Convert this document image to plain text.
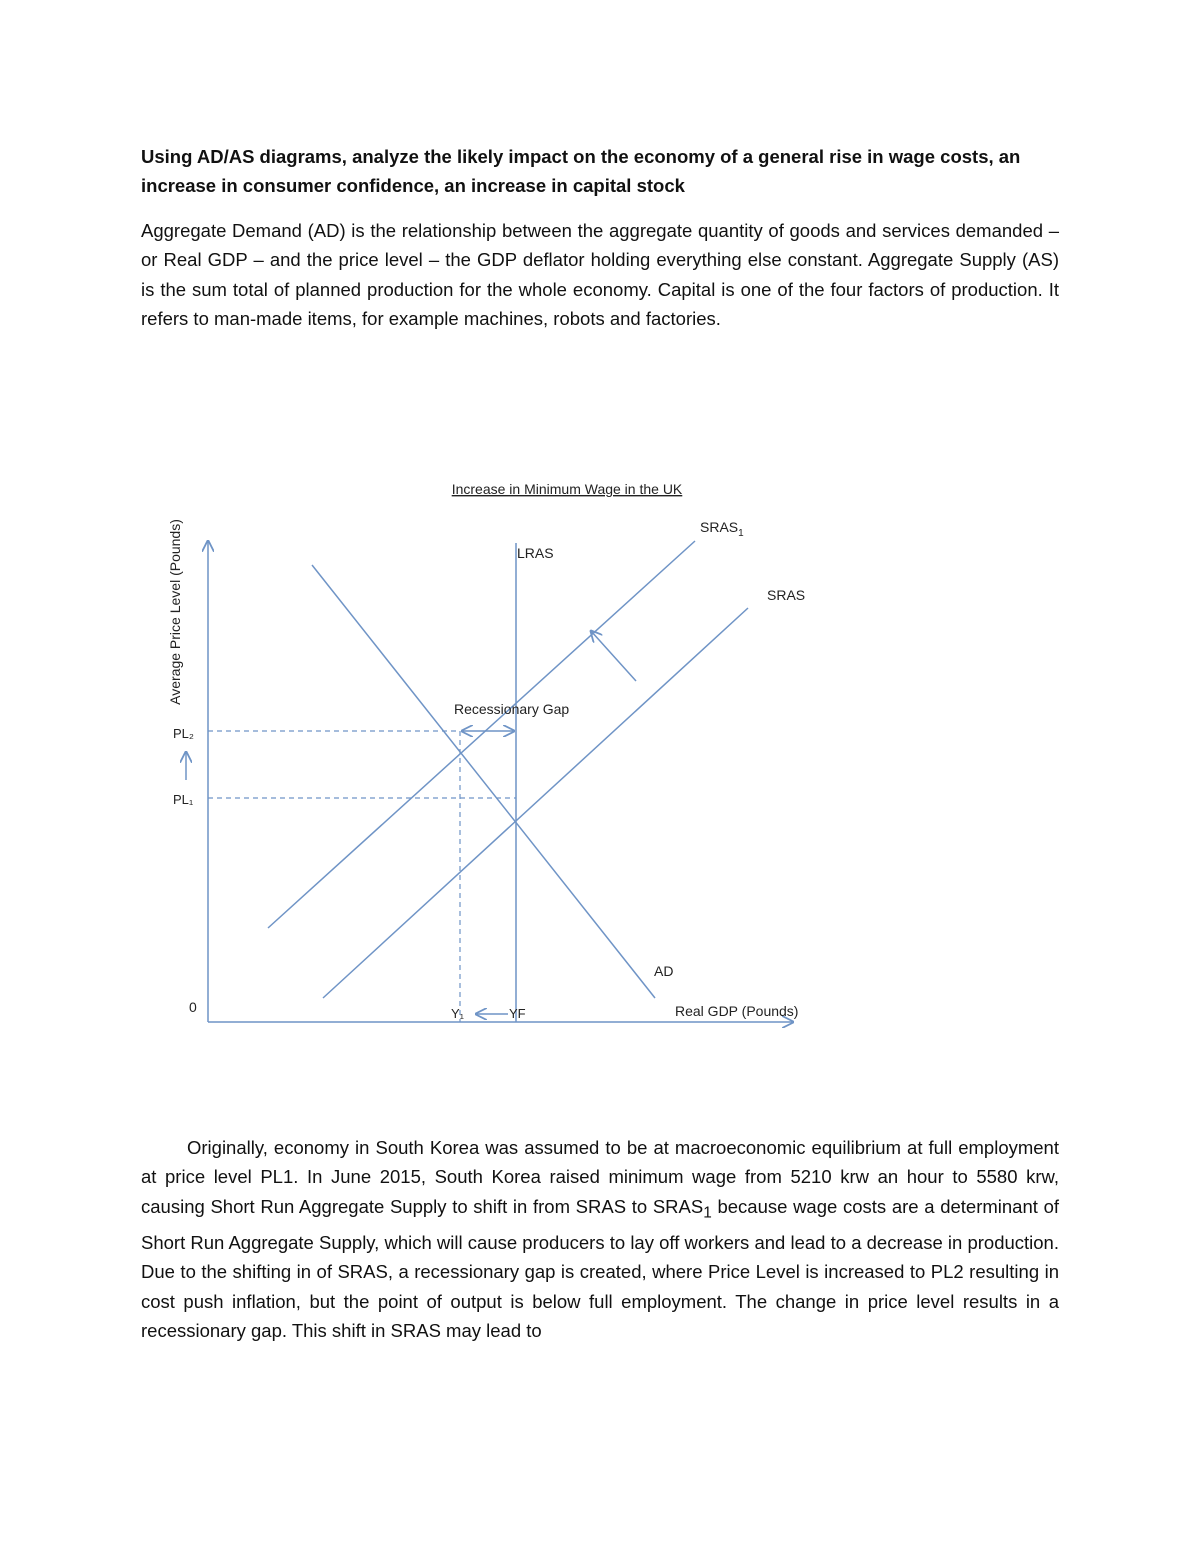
Using AD/AS diagrams, analyze the likely impact on the economy of a general rise in wage costs, an increase in consumer confidence, an increase in capital stock

Aggregate Demand (AD) is the relationship between the aggregate quantity of goods and services demanded – or Real GDP – and the price level – the GDP deflator holding everything else constant. Aggregate Supply (AS) is the sum total of planned production for the whole economy. Capital is one of the four factors of production. It refers to man-made items, for example machines, robots and factories.

Increase in Minimum Wage in the UK
Average Price Level (Pounds)
Real GDP (Pounds)
0
LRAS
$SRAS_1$
SRAS
AD
Recessionary Gap
PL₂
PL₁
Y₁	YF

Originally, economy in South Korea was assumed to be at macroeconomic equilibrium at full employment at price level PL1. In June 2015, South Korea raised minimum wage from 5210 krw an hour to 5580 krw, causing Short Run Aggregate Supply to shift in from SRAS to $SRAS_1$ because wage costs are a determinant of Short Run Aggregate Supply, which will cause producers to lay off workers and lead to a decrease in production. Due to the shifting in of SRAS, a recessionary gap is created, where Price Level is increased to PL2 resulting in cost push inflation, but the point of output is below full employment. The change in price level results in a recessionary gap. This shift in SRAS may lead to
